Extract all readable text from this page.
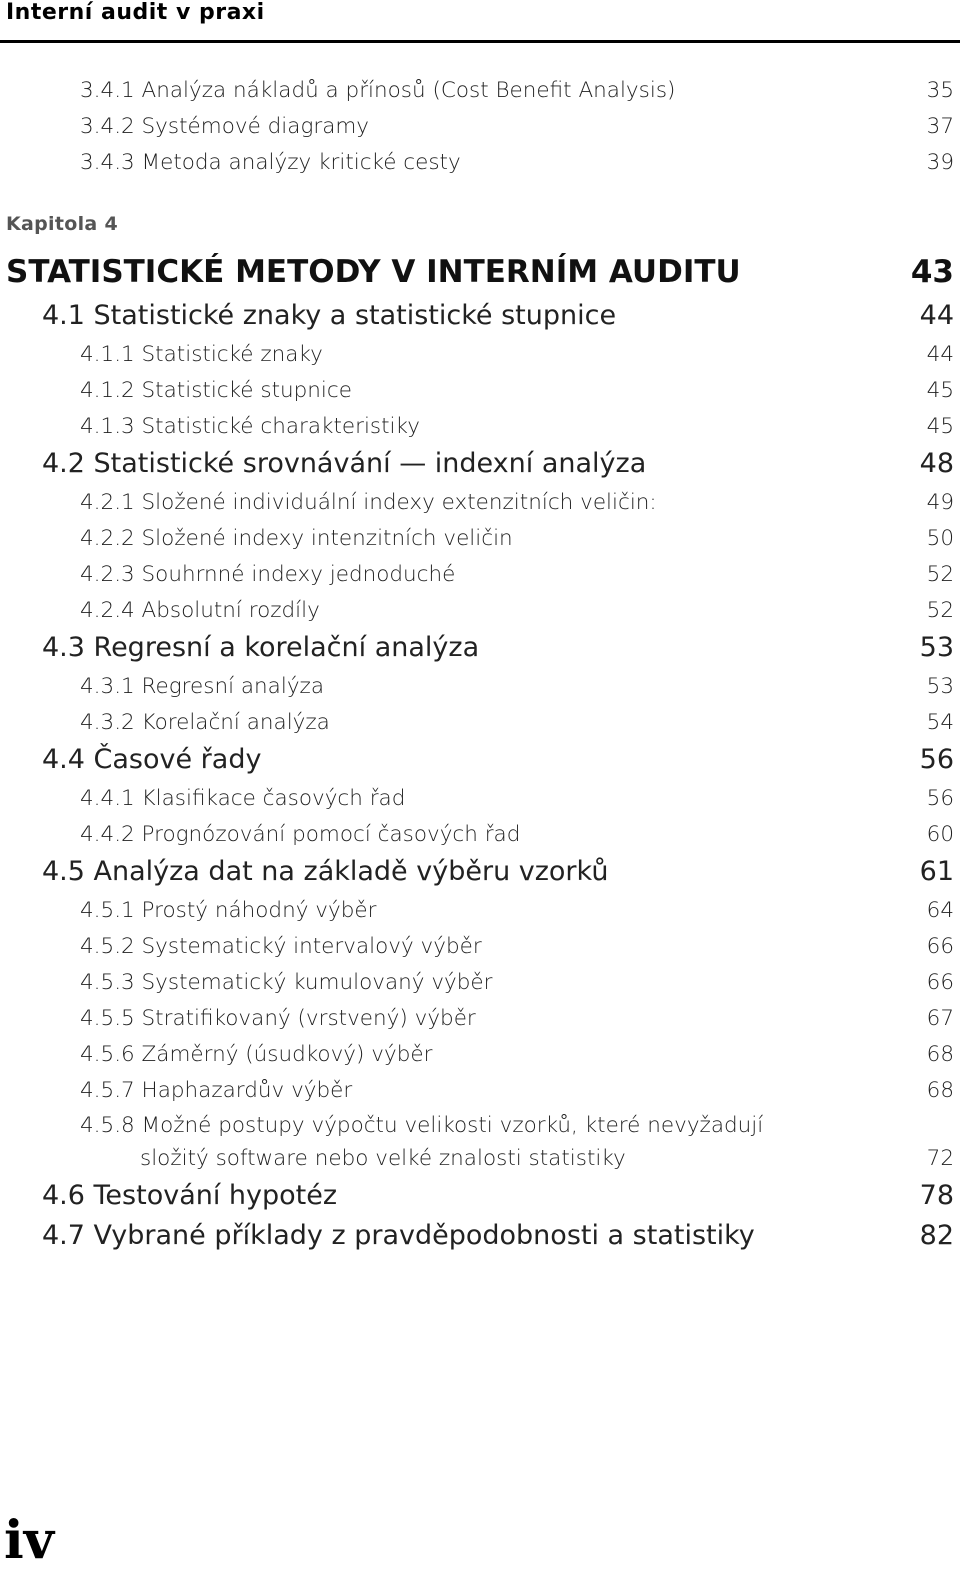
Interní audit v praxi
3.4.1 Analýza nákladů a přínosů (Cost Benefit Analysis)	35
3.4.2 Systémové diagramy	37
3.4.3 Metoda analýzy kritické cesty	39
Kapitola 4
STATISTICKÉ METODY V INTERNÍM AUDITU	43
4.1 Statistické znaky a statistické stupnice	44
4.1.1 Statistické znaky	44
4.1.2 Statistické stupnice	45
4.1.3 Statistické charakteristiky	45
4.2 Statistické srovnávání — indexní analýza	48
4.2.1 Složené individuální indexy extenzitních veličin:	49
4.2.2 Složené indexy intenzitních veličin	50
4.2.3 Souhrnné indexy jednoduché	52
4.2.4 Absolutní rozdíly	52
4.3 Regresní a korelační analýza	53
4.3.1 Regresní analýza	53
4.3.2 Korelační analýza	54
4.4 Časové řady	56
4.4.1 Klasifikace časových řad	56
4.4.2 Prognózování pomocí časových řad	60
4.5 Analýza dat na základě výběru vzorků	61
4.5.1 Prostý náhodný výběr	64
4.5.2 Systematický intervalový výběr	66
4.5.3 Systematický kumulovaný výběr	66
4.5.5 Stratifikovaný (vrstvený) výběr	67
4.5.6 Záměrný (úsudkový) výběr	68
4.5.7 Haphazardův výběr	68
4.5.8 Možné postupy výpočtu velikosti vzorků, které nevyžadují
složitý software nebo velké znalosti statistiky	72
4.6 Testování hypotéz	78
4.7 Vybrané příklady z pravděpodobnosti a statistiky	82
iv
